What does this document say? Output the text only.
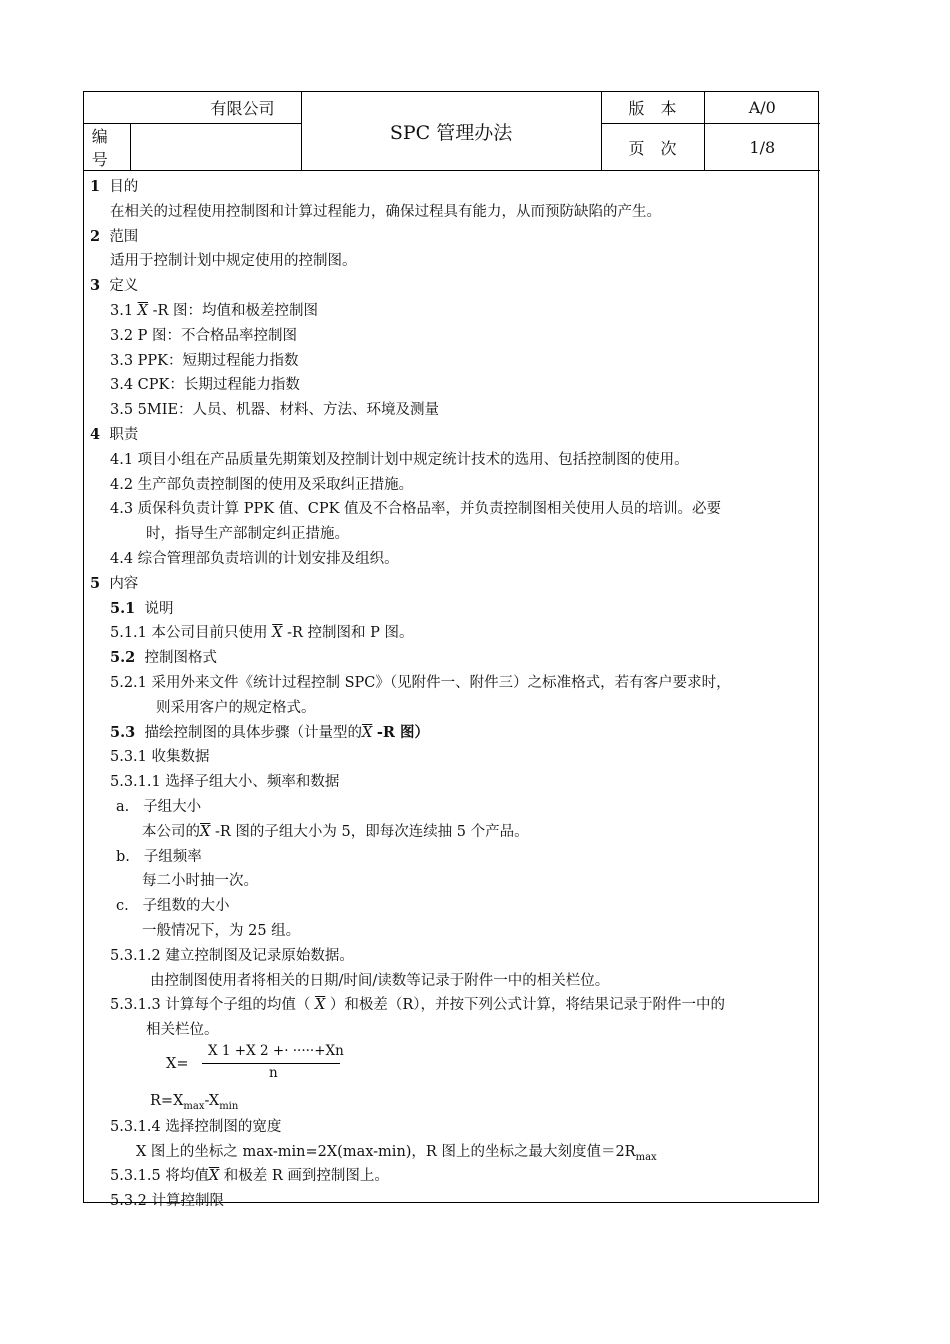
有限公司		SPC 管理办法	版　本	A/0
编号			页　次	1/8
1 目的
在相关的过程使用控制图和计算过程能力，确保过程具有能力，从而预防缺陷的产生。
2 范围
适用于控制计划中规定使用的控制图。
3 定义
3.1 $\overline{X}$ -R 图：均值和极差控制图
3.2 P 图：不合格品率控制图
3.3 PPK：短期过程能力指数
3.4 CPK：长期过程能力指数
3.5 5MIE：人员、机器、材料、方法、环境及测量
4 职责
4.1 项目小组在产品质量先期策划及控制计划中规定统计技术的选用、包括控制图的使用。
4.2 生产部负责控制图的使用及采取纠正措施。
4.3 质保科负责计算 PPK 值、CPK 值及不合格品率，并负责控制图相关使用人员的培训。必要
时，指导生产部制定纠正措施。
4.4 综合管理部负责培训的计划安排及组织。
5 内容
5.1 说明
5.1.1 本公司目前只使用 $\overline{X}$ -R 控制图和 P 图。
5.2 控制图格式
5.2.1 采用外来文件《统计过程控制 SPC》（见附件一、附件三）之标准格式，若有客户要求时，
则采用客户的规定格式。
5.3 描绘控制图的具体步骤（计量型的$\overline{X}$ -R 图）
5.3.1 收集数据
5.3.1.1 选择子组大小、频率和数据
a. 子组大小
本公司的$\overline{X}$ -R 图的子组大小为 5，即每次连续抽 5 个产品。
b. 子组频率
每二小时抽一次。
c. 子组数的大小
一般情况下，为 25 组。
5.3.1.2 建立控制图及记录原始数据。
由控制图使用者将相关的日期/时间/读数等记录于附件一中的相关栏位。
5.3.1.3 计算每个子组的均值（ $\overline{X}$ ）和极差（R），并按下列公式计算，将结果记录于附件一中的
相关栏位。
X=
X 1 +X 2 +· ·····+Xn
n
$R=X_{max}-X_{min}$
5.3.1.4 选择控制图的宽度
X 图上的坐标之 max-min=2X(max-min)，R 图上的坐标之最大刻度值$=2R_{max}$
5.3.1.5 将均值$\overline{X}$ 和极差 R 画到控制图上。
5.3.2 计算控制限
